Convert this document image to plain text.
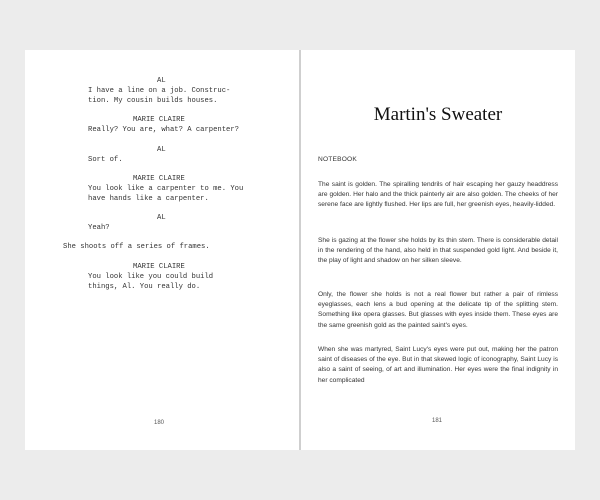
AL
I have a line on a job. Construc-
tion. My cousin builds houses.
MARIE CLAIRE
Really? You are, what? A carpenter?
AL
Sort of.
MARIE CLAIRE
You look like a carpenter to me. You
have hands like a carpenter.
AL
Yeah?
She shoots off a series of frames.
MARIE CLAIRE
You look like you could build
things, Al. You really do.
180
Martin's Sweater
NOTEBOOK
The saint is golden. The spiralling tendrils of hair escaping her gauzy headdress are golden. Her halo and the thick painterly air are also golden. The cheeks of her serene face are lightly flushed. Her lips are full, her greenish eyes, heavily-lidded.
She is gazing at the flower she holds by its thin stem. There is considerable detail in the rendering of the hand, also held in that suspended gold light. And beside it, the play of light and shadow on her silken sleeve.
Only, the flower she holds is not a real flower but rather a pair of rimless eyeglasses, each lens a bud opening at the delicate tip of the splitting stem. Something like opera glasses. But glasses with eyes inside them. These eyes are the same greenish gold as the painted saint's eyes.
When she was martyred, Saint Lucy's eyes were put out, making her the patron saint of diseases of the eye. But in that skewed logic of iconography, Saint Lucy is also a saint of seeing, of art and illumination. Her eyes were the final indignity in her complicated
181
